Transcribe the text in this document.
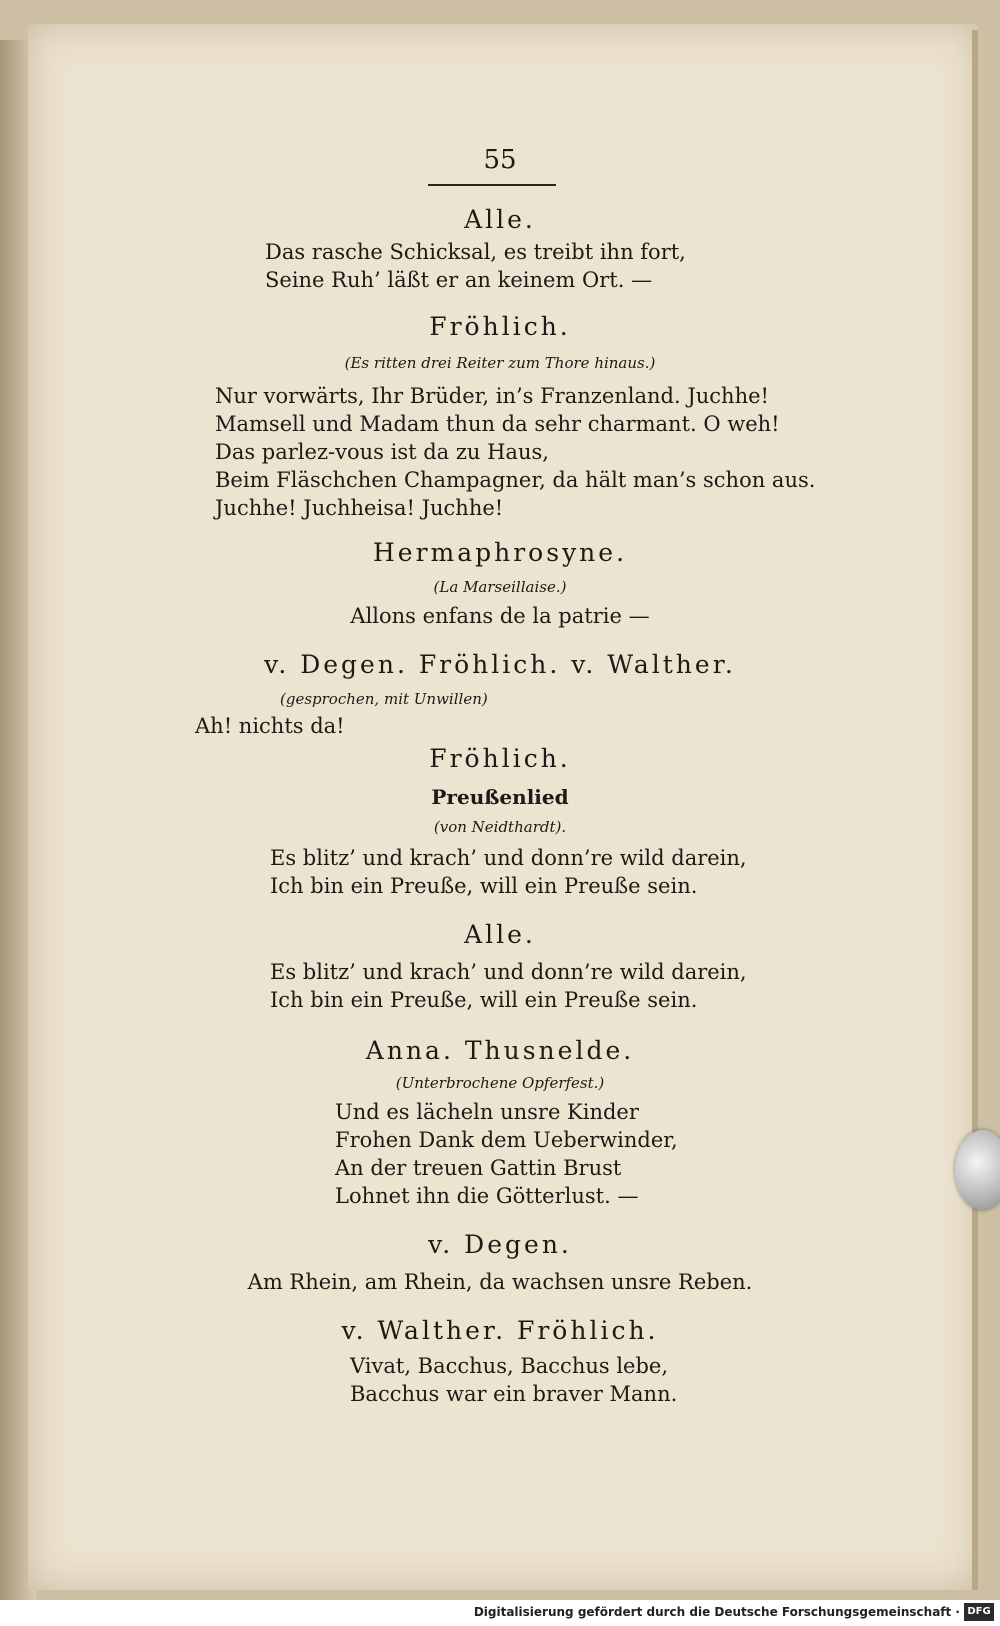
55
Alle.
Das rasche Schicksal, es treibt ihn fort,
Seine Ruh’ läßt er an keinem Ort. —
Fröhlich.
(Es ritten drei Reiter zum Thore hinaus.)
Nur vorwärts, Ihr Brüder, in’s Franzenland. Juchhe!
Mamsell und Madam thun da sehr charmant. O weh!
Das parlez-vous ist da zu Haus,
Beim Fläschchen Champagner, da hält man’s schon aus.
Juchhe! Juchheisa! Juchhe!
Hermaphrosyne.
(La Marseillaise.)
Allons enfans de la patrie —
v. Degen. Fröhlich. v. Walther.
(gesprochen, mit Unwillen)
Ah! nichts da!
Fröhlich.
Preußenlied
(von Neidthardt).
Es blitz’ und krach’ und donn’re wild darein,
Ich bin ein Preuße, will ein Preuße sein.
Alle.
Es blitz’ und krach’ und donn’re wild darein,
Ich bin ein Preuße, will ein Preuße sein.
Anna. Thusnelde.
(Unterbrochene Opferfest.)
Und es lächeln unsre Kinder
Frohen Dank dem Ueberwinder,
An der treuen Gattin Brust
Lohnet ihn die Götterlust. —
v. Degen.
Am Rhein, am Rhein, da wachsen unsre Reben.
v. Walther. Fröhlich.
Vivat, Bacchus, Bacchus lebe,
Bacchus war ein braver Mann.
Digitalisierung gefördert durch die Deutsche Forschungsgemeinschaft · DFG
